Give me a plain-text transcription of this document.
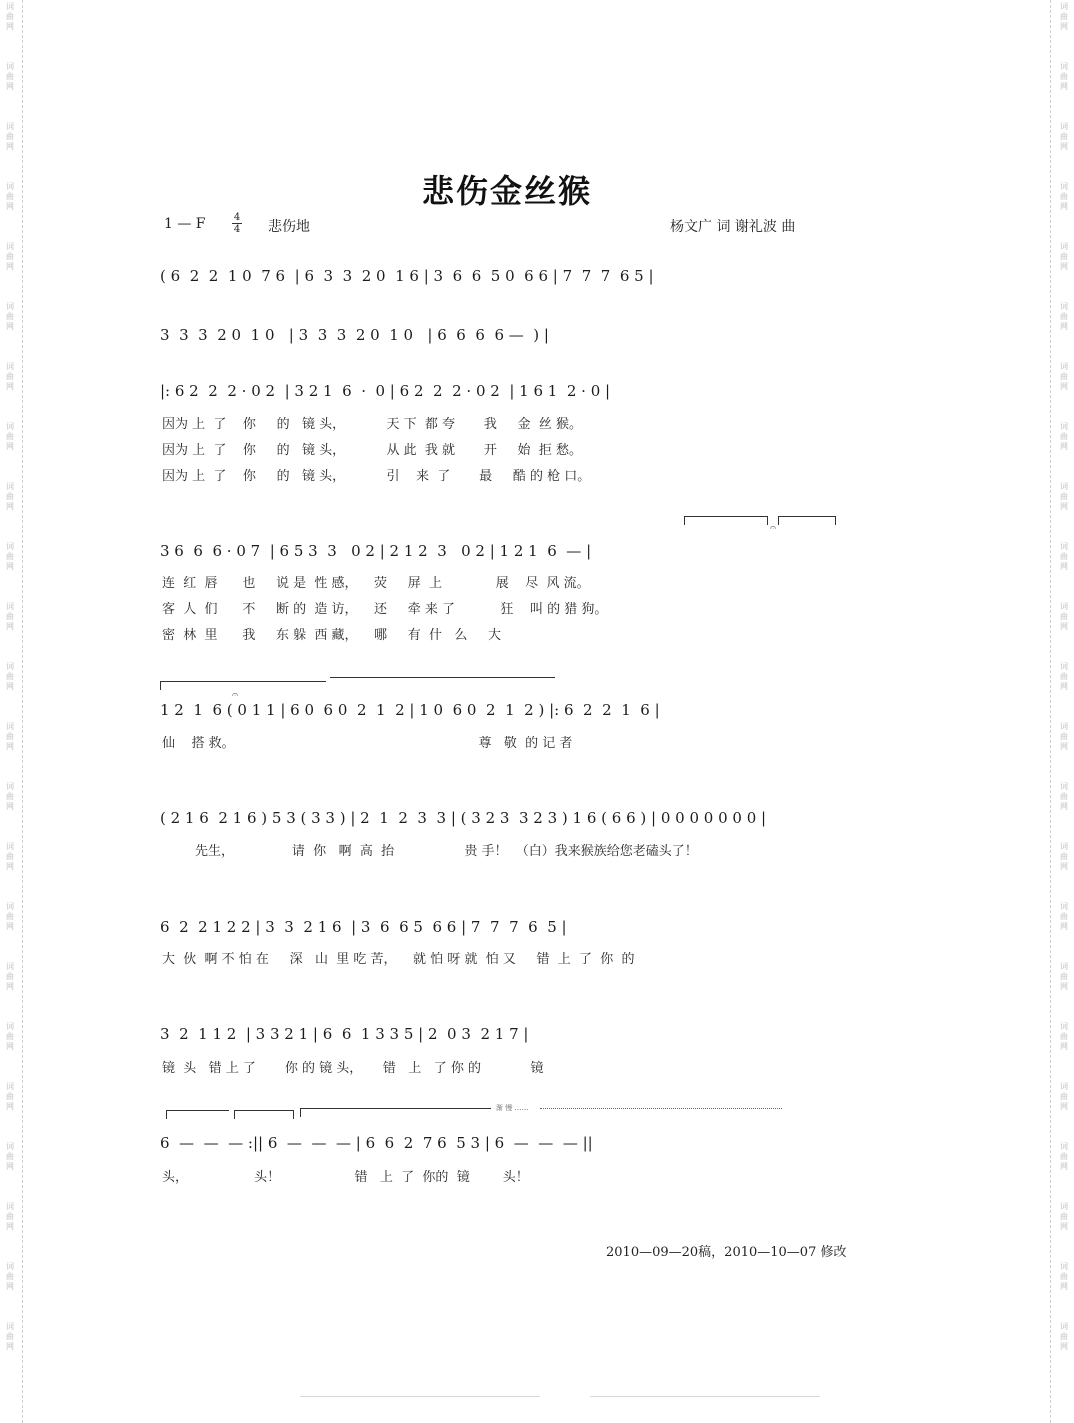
词
曲
网
词
曲
网
词
曲
网
词
曲
网
词
曲
网
词
曲
网
词
曲
网
词
曲
网
词
曲
网
词
曲
网
词
曲
网
词
曲
网
词
曲
网
词
曲
网
词
曲
网
词
曲
网
词
曲
网
词
曲
网
词
曲
网
词
曲
网
词
曲
网
词
曲
网
词
曲
网
词
曲
网
词
曲
网
词
曲
网
词
曲
网
词
曲
网
词
曲
网
词
曲
网
词
曲
网
词
曲
网
词
曲
网
词
曲
网
词
曲
网
词
曲
网
词
曲
网
词
曲
网
词
曲
网
词
曲
网
词
曲
网
词
曲
网
词
曲
网
词
曲
网
词
曲
网
词
曲
网
悲伤金丝猴
1 — F	4
4 悲伤地	杨文广 词 谢礼波 曲
( 6  2  2  1 0  7 6  | 6  3  3  2 0  1 6 | 3  6  6  5 0  6 6 | 7  7  7  6 5 |
3  3  3  2 0  1 0   | 3  3  3  2 0  1 0   | 6  6  6  6 —  ) |
|: 6 2  2  2 · 0 2  | 3 2 1  6  ·  0 | 6 2  2  2 · 0 2  | 1 6 1  2 · 0 |
因为 上  了    你     的   镜 头，          天 下  都 夸       我     金  丝 猴。
因为 上  了    你     的   镜 头，          从 此  我 就       开     始  拒 愁。
因为 上  了    你     的   镜 头，          引    来  了       最     酷 的 枪 口。
𝄐
3 6  6  6 · 0 7  | 6 5 3  3   0 2 | 2 1 2  3   0 2 | 1 2 1  6  — |
连  红  唇      也     说 是  性 感，    荧     屏  上             展    尽  风 流。
客  人  们      不     断 的  造 访，    还     牵 来 了           狂    叫 的 猎 狗。
密  林  里      我     东 躲  西 藏，    哪     有  什   么     大
𝄐
1 2  1  6 ( 0 1 1 | 6 0  6 0  2  1  2 | 1 0  6 0  2  1  2 ) |: 6  2  2  1  6 |
仙    搭 救。                                                           尊   敬  的 记 者
( 2 1 6  2 1 6 ) 5 3 ( 3 3 ) | 2  1  2  3  3 | ( 3 2 3  3 2 3 ) 1 6 ( 6 6 ) | 0 0 0 0 0 0 0 |
先生，              请  你   啊  高  抬                 贵 手！  （白）我来猴族给您老磕头了！
6  2  2 1 2 2 | 3  3  2 1 6  | 3  6  6 5  6 6 | 7  7  7  6  5 |
大  伙  啊 不 怕 在     深   山  里 吃 苦，    就 怕 呀 就  怕 又     错  上  了  你  的
3  2  1 1 2  | 3 3 2 1 | 6  6  1 3 3 5 | 2  0 3  2 1 7 |
镜  头   错 上 了       你 的 镜 头，     错   上   了 你 的            镜
渐 慢 ……
6  —  —  — :|| 6  —  —  — | 6  6  2  7 6  5 3 | 6  —  —  — ||
头，                头！                  错   上  了  你的  镜        头！
2010—09—20稿，2010—10—07 修改
